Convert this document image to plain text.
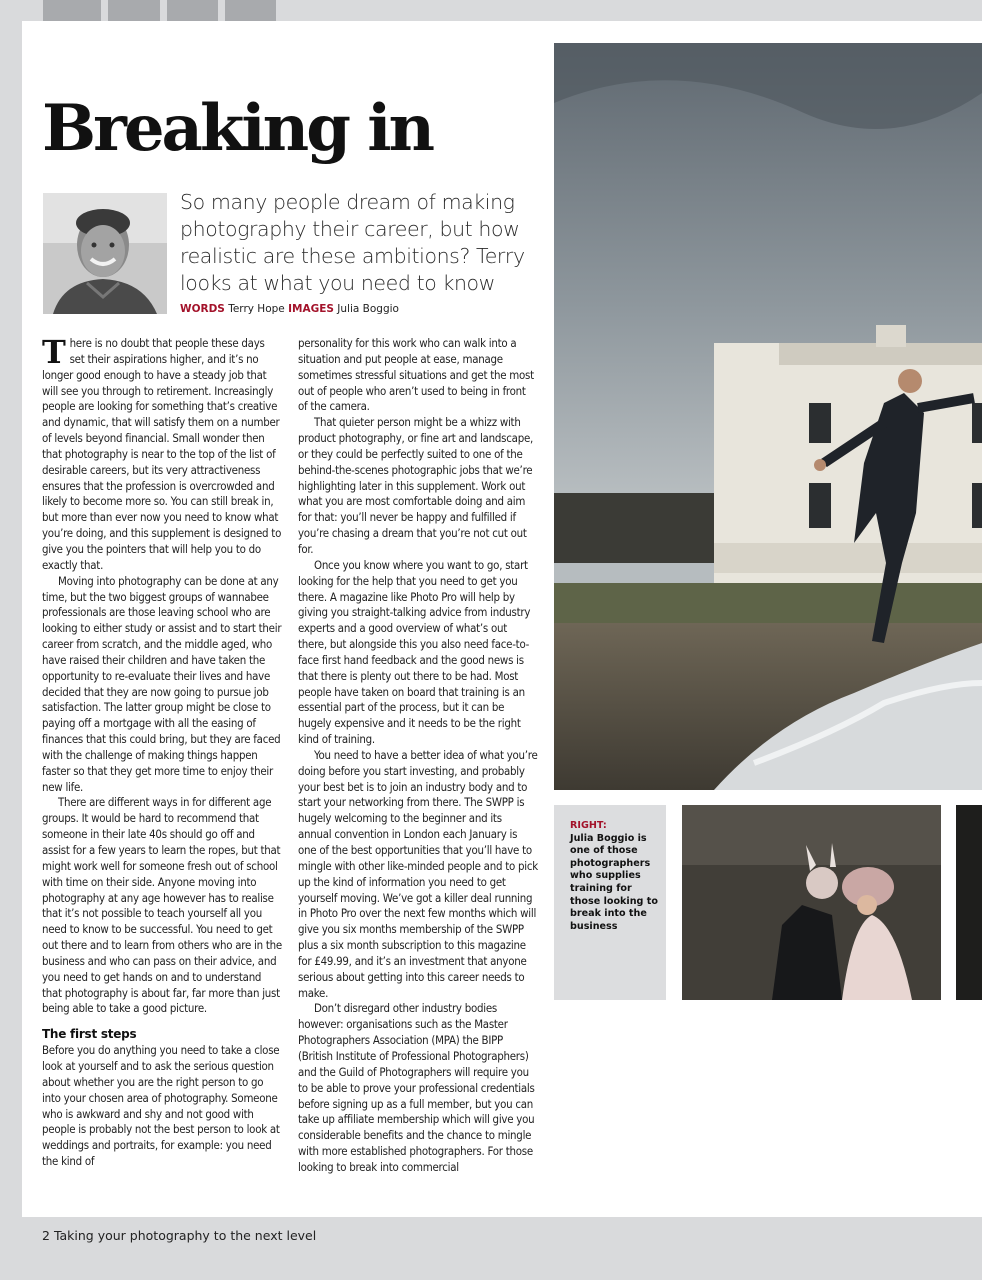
Breaking in
So many people dream of making photography their career, but how realistic are these ambitions? Terry looks at what you need to know
WORDS Terry Hope IMAGES Julia Boggio

There is no doubt that people these days set their aspirations higher, and it’s no longer good enough to have a steady job that will see you through to retirement. Increasingly people are looking for something that’s creative and dynamic, that will satisfy them on a number of levels beyond financial. Small wonder then that photography is near to the top of the list of desirable careers, but its very attractiveness ensures that the profession is overcrowded and likely to become more so. You can still break in, but more than ever now you need to know what you’re doing, and this supplement is designed to give you the pointers that will help you to do exactly that.

Moving into photography can be done at any time, but the two biggest groups of wannabee professionals are those leaving school who are looking to either study or assist and to start their career from scratch, and the middle aged, who have raised their children and have taken the opportunity to re-evaluate their lives and have decided that they are now going to pursue job satisfaction. The latter group might be close to paying off a mortgage with all the easing of finances that this could bring, but they are faced with the challenge of making things happen faster so that they get more time to enjoy their new life.

There are different ways in for different age groups. It would be hard to recommend that someone in their late 40s should go off and assist for a few years to learn the ropes, but that might work well for someone fresh out of school with time on their side. Anyone moving into photography at any age however has to realise that it’s not possible to teach yourself all you need to know to be successful. You need to get out there and to learn from others who are in the business and who can pass on their advice, and you need to get hands on and to understand that photography is about far, far more than just being able to take a good picture.

The first steps

Before you do anything you need to take a close look at yourself and to ask the serious question about whether you are the right person to go into your chosen area of photography. Someone who is awkward and shy and not good with people is probably not the best person to look at weddings and portraits, for example: you need the kind of

personality for this work who can walk into a situation and put people at ease, manage sometimes stressful situations and get the most out of people who aren’t used to being in front of the camera.

That quieter person might be a whizz with product photography, or fine art and landscape, or they could be perfectly suited to one of the behind-the-scenes photographic jobs that we’re highlighting later in this supplement. Work out what you are most comfortable doing and aim for that: you’ll never be happy and fulfilled if you’re chasing a dream that you’re not cut out for.

Once you know where you want to go, start looking for the help that you need to get you there. A magazine like Photo Pro will help by giving you straight-talking advice from industry experts and a good overview of what’s out there, but alongside this you also need face-to-face first hand feedback and the good news is that there is plenty out there to be had. Most people have taken on board that training is an essential part of the process, but it can be hugely expensive and it needs to be the right kind of training.

You need to have a better idea of what you’re doing before you start investing, and probably your best bet is to join an industry body and to start your networking from there. The SWPP is hugely welcoming to the beginner and its annual convention in London each January is one of the best opportunities that you’ll have to mingle with other like-minded people and to pick up the kind of information you need to get yourself moving. We’ve got a killer deal running in Photo Pro over the next few months which will give you six months membership of the SWPP plus a six month subscription to this magazine for £49.99, and it’s an investment that anyone serious about getting into this career needs to make.

Don’t disregard other industry bodies however: organisations such as the Master Photographers Association (MPA) the BIPP (British Institute of Professional Photographers) and the Guild of Photographers will require you to be able to prove your professional credentials before signing up as a full member, but you can take up affiliate membership which will give you considerable benefits and the chance to mingle with more established photographers. For those looking to break into commercial

RIGHT:
Julia Boggio is one of those photographers who supplies training for those looking to break into the business
2 Taking your photography to the next level
